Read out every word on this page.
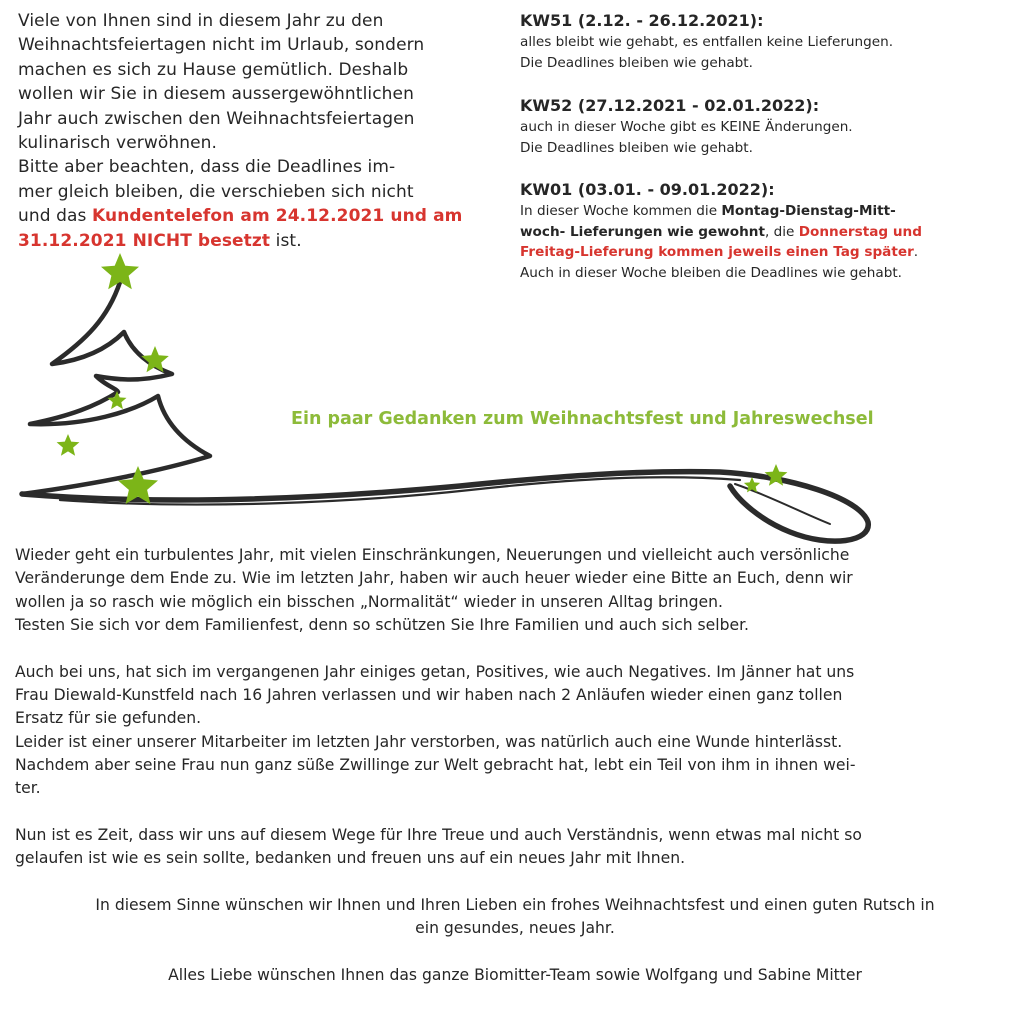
Viele von Ihnen sind in diesem Jahr zu den
Weihnachtsfeiertagen nicht im Urlaub, sondern
machen es sich zu Hause gemütlich. Deshalb
wollen wir Sie in diesem aussergewöhntlichen
Jahr auch zwischen den Weihnachtsfeiertagen
kulinarisch verwöhnen.
Bitte aber beachten, dass die Deadlines im-
mer gleich bleiben, die verschieben sich nicht
und das Kundentelefon am 24.12.2021 und am
31.12.2021 NICHT besetzt ist.
KW51 (2.12. - 26.12.2021):
alles bleibt wie gehabt, es entfallen keine Lieferungen.
Die Deadlines bleiben wie gehabt.
KW52 (27.12.2021 - 02.01.2022):
auch in dieser Woche gibt es KEINE Änderungen.
Die Deadlines bleiben wie gehabt.
KW01 (03.01. - 09.01.2022):
In dieser Woche kommen die Montag-Dienstag-Mitt-
woch- Lieferungen wie gewohnt, die Donnerstag und
Freitag-Lieferung kommen jeweils einen Tag später.
Auch in dieser Woche bleiben die Deadlines wie gehabt.
Ein paar Gedanken zum Weihnachtsfest und Jahreswechsel
Wieder geht ein turbulentes Jahr, mit vielen Einschränkungen, Neuerungen und vielleicht auch versönliche
Veränderunge dem Ende zu. Wie im letzten Jahr, haben wir auch heuer wieder eine Bitte an Euch, denn wir
wollen ja so rasch wie möglich ein bisschen „Normalität“ wieder in unseren Alltag bringen.
Testen Sie sich vor dem Familienfest, denn so schützen Sie Ihre Familien und auch sich selber.
Auch bei uns, hat sich im vergangenen Jahr einiges getan, Positives, wie auch Negatives. Im Jänner hat uns
Frau Diewald-Kunstfeld nach 16 Jahren verlassen und wir haben nach 2 Anläufen wieder einen ganz tollen
Ersatz für sie gefunden.
Leider ist einer unserer Mitarbeiter im letzten Jahr verstorben, was natürlich auch eine Wunde hinterlässt.
Nachdem aber seine Frau nun ganz süße Zwillinge zur Welt gebracht hat, lebt ein Teil von ihm in ihnen wei-
ter.
Nun ist es Zeit, dass wir uns auf diesem Wege für Ihre Treue und auch Verständnis, wenn etwas mal nicht so
gelaufen ist wie es sein sollte, bedanken und freuen uns auf ein neues Jahr mit Ihnen.
In diesem Sinne wünschen wir Ihnen und Ihren Lieben ein frohes Weihnachtsfest und einen guten Rutsch in
ein gesundes, neues Jahr.
Alles Liebe wünschen Ihnen das ganze Biomitter-Team sowie Wolfgang und Sabine Mitter
